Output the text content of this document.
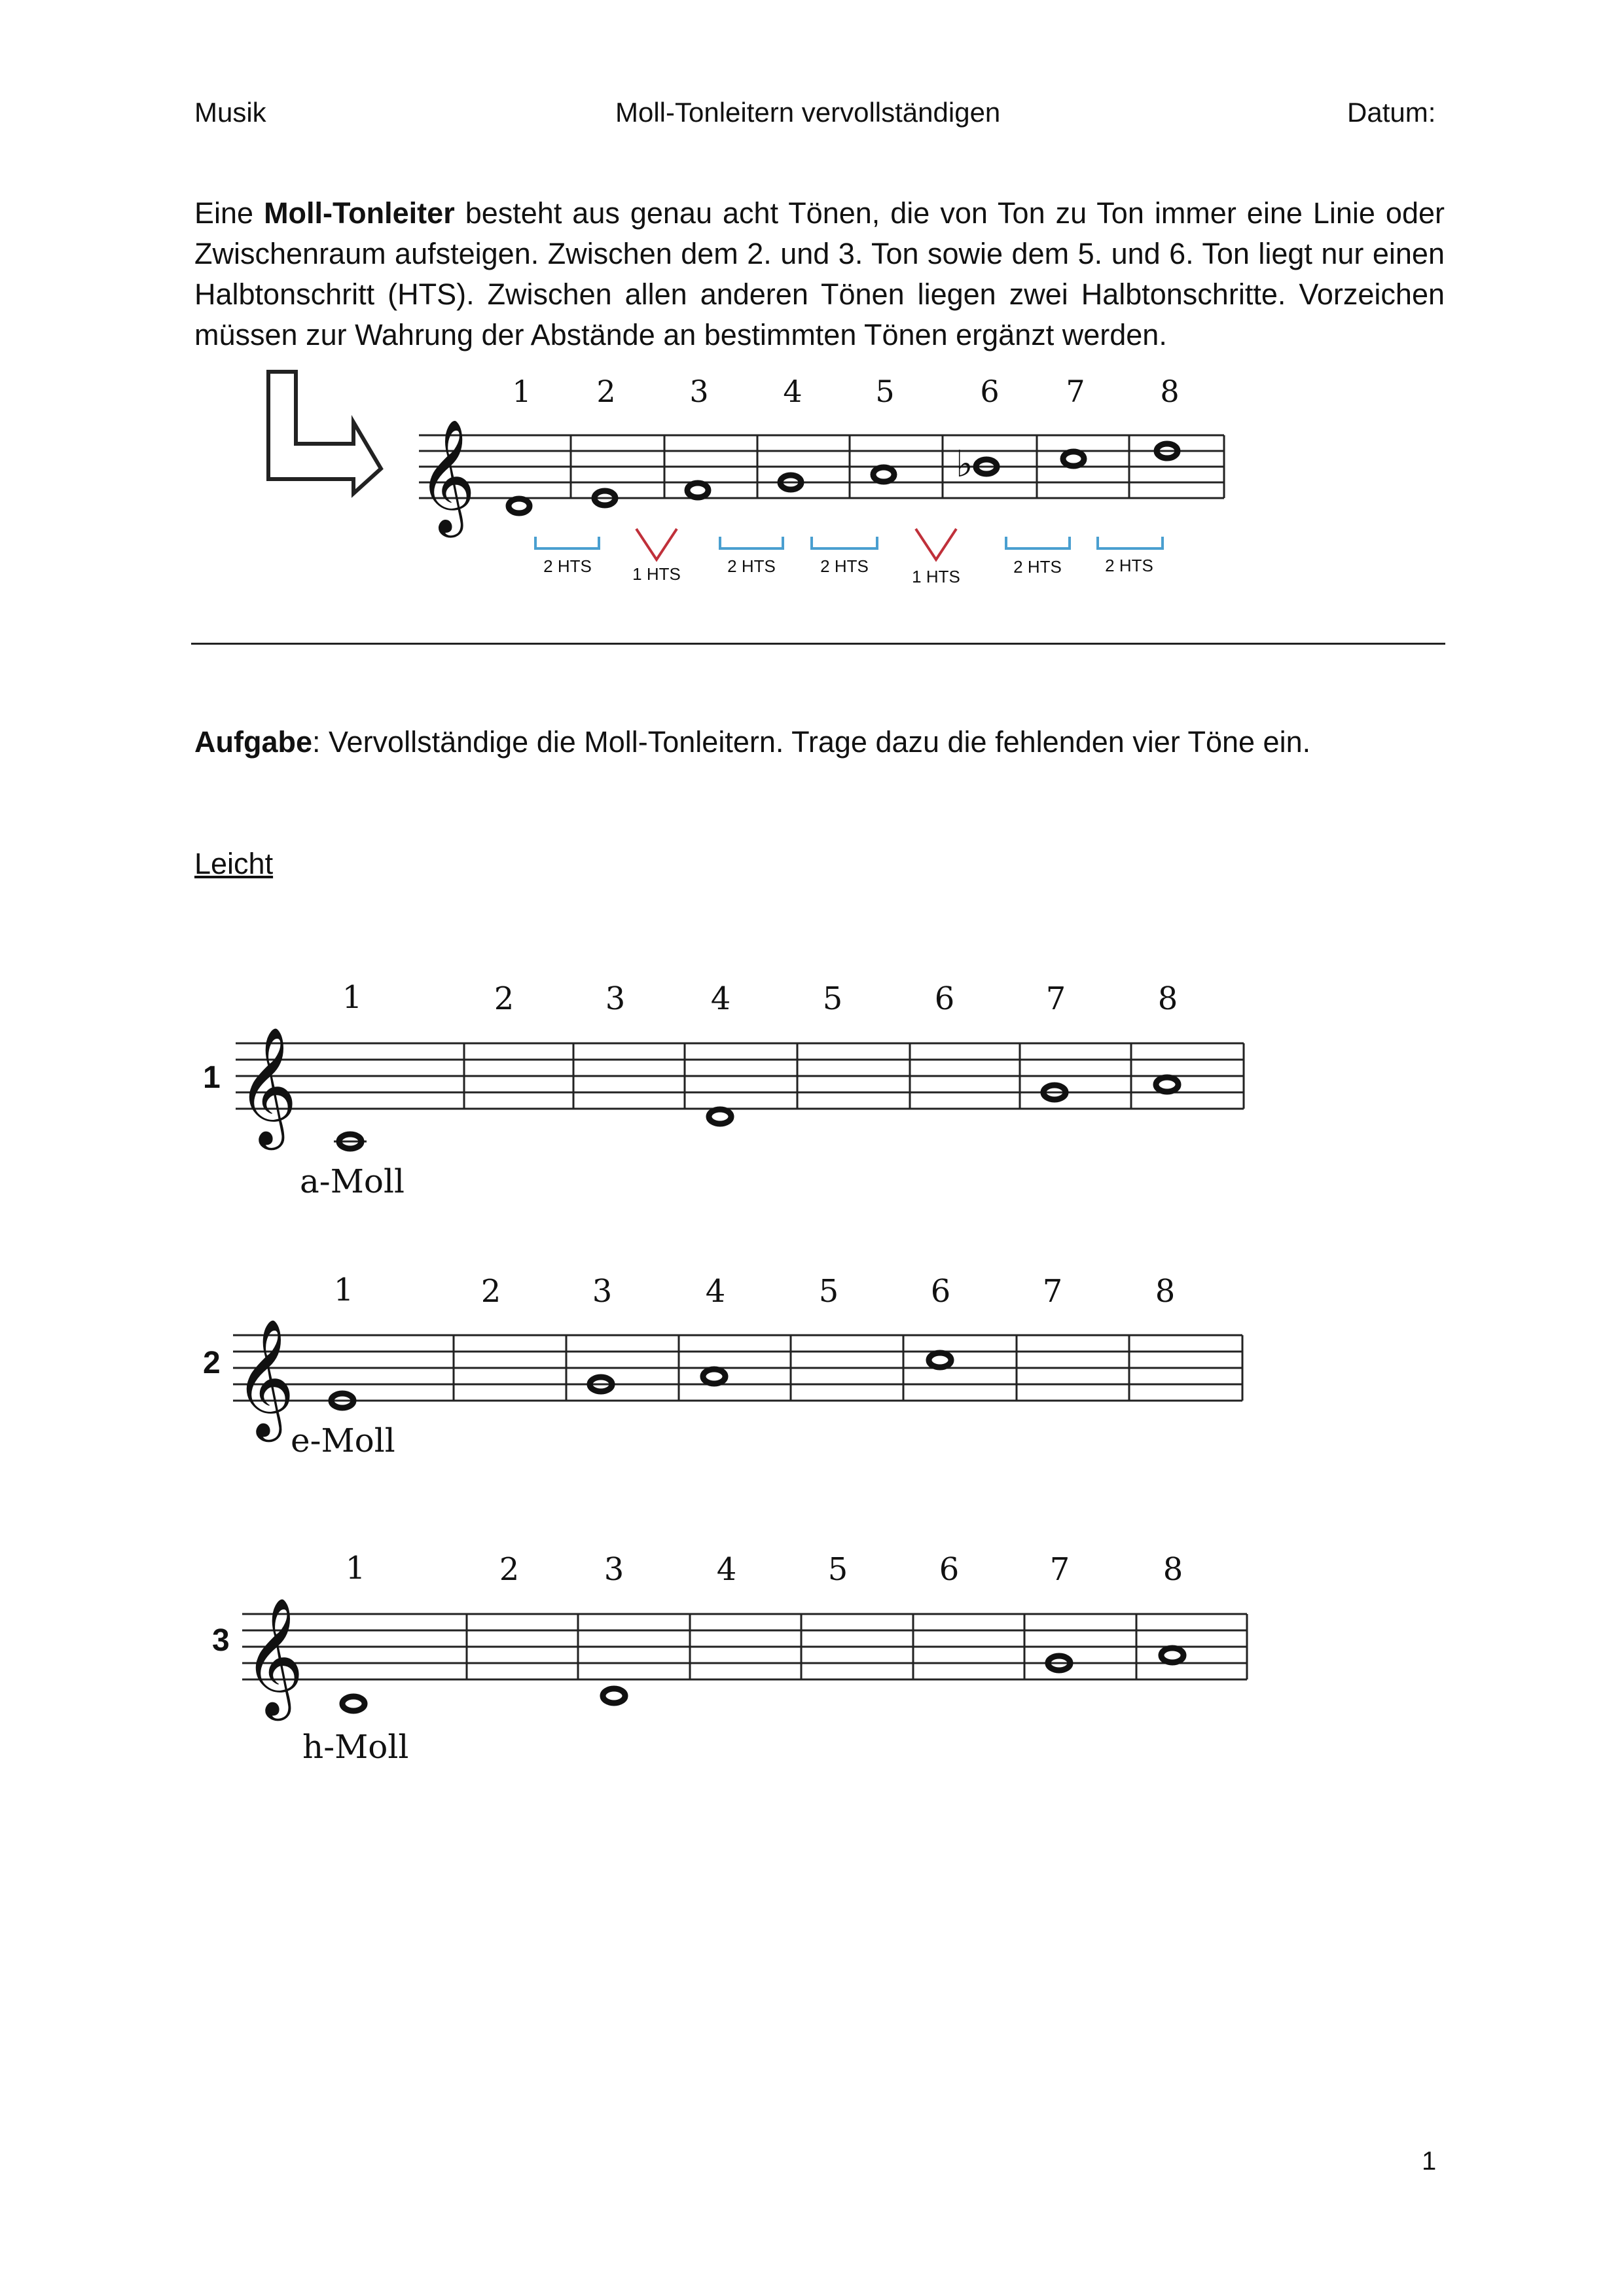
Musik	Moll-Tonleitern vervollständigen	Datum:
Eine Moll-Tonleiter besteht aus genau acht Tönen, die von Ton zu Ton immer eine Linie oder Zwischenraum aufsteigen. Zwischen dem 2. und 3. Ton sowie dem 5. und 6. Ton liegt nur einen Halbtonschritt (HTS). Zwischen allen anderen Tönen liegen zwei Halbtonschritte. Vorzeichen müssen zur Wahrung der Abstände an bestimmten Tönen ergänzt werden.
𝄞	♭
1 2 3 4 5	6 7 8
2 HTS 1 HTS	2 HTS	2 HTS
1 HTS	2 HTS	2 HTS
Aufgabe: Vervollständige die Moll-Tonleitern. Trage dazu die fehlenden vier Töne ein.
Leicht
1 𝄞
1	2	3	4	5	6	7	8
a-Moll
2 𝄞
1	2	3	4	5	6	7	8
e-Moll
3 𝄞
1	2	3	4	5	6	7	8
h-Moll
1
